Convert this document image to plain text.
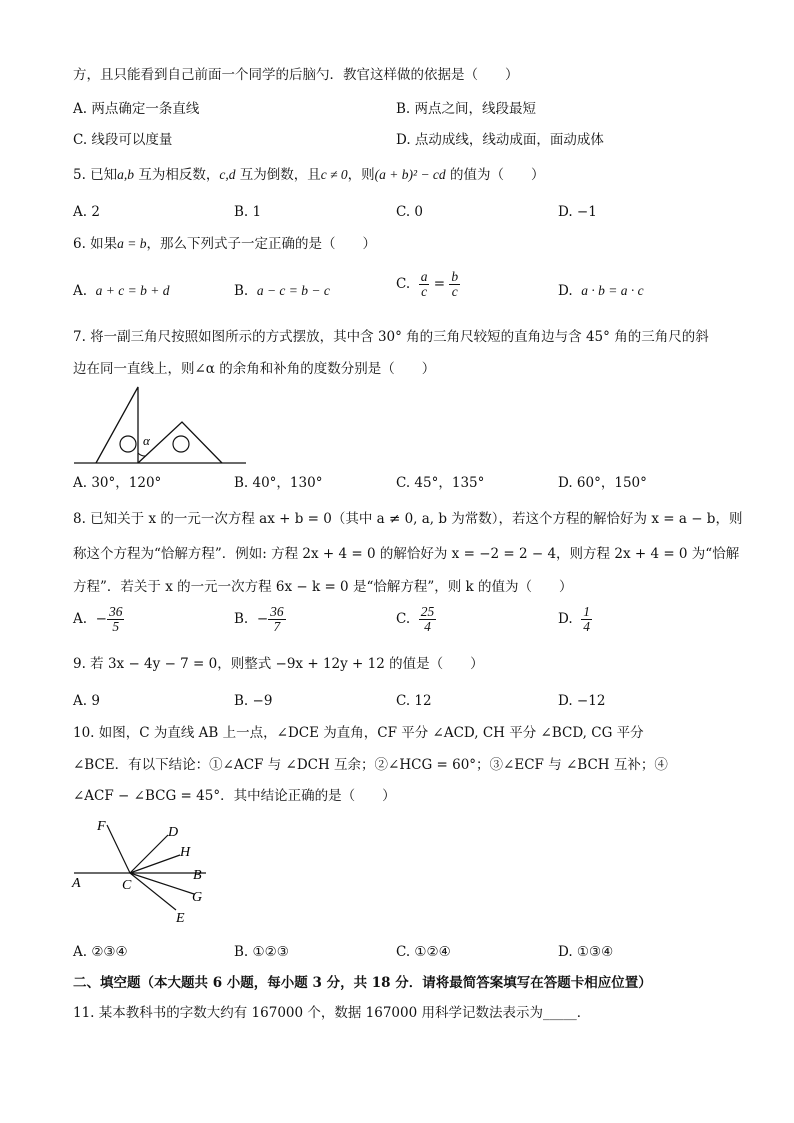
方，且只能看到自己前面一个同学的后脑勺．教官这样做的依据是（　　）
A. 两点确定一条直线	B. 两点之间，线段最短
C. 线段可以度量	D. 点动成线，线动成面，面动成体
5. 已知a,b 互为相反数，c,d 互为倒数，且c ≠ 0，则(a + b)² − cd 的值为（　　）
A. 2	B. 1	C. 0	D. −1
6. 如果a = b，那么下列式子一定正确的是（　　）
A. a + c = b + d	B. a − c = b − c	C. $\frac{a}{c} = \frac{b}{c}$	D. a · b = a · c
7. 将一副三角尺按照如图所示的方式摆放，其中含 30° 角的三角尺较短的直角边与含 45° 角的三角尺的斜
边在同一直线上，则∠α 的余角和补角的度数分别是（　　）
α
A. 30°，120°	B. 40°，130°	C. 45°，135°	D. 60°，150°
8. 已知关于 x 的一元一次方程 ax + b = 0（其中 a ≠ 0, a, b 为常数），若这个方程的解恰好为 x = a − b，则
称这个方程为“恰解方程”．例如: 方程 2x + 4 = 0 的解恰好为 x = −2 = 2 − 4，则方程 2x + 4 = 0 为“恰解
方程”．若关于 x 的一元一次方程 6x − k = 0 是“恰解方程”，则 k 的值为（　　）
A. − $\frac{36}{5}$	B. − $\frac{36}{7}$	C. $\frac{25}{4}$	D. $\frac{1}{4}$
9. 若 3x − 4y − 7 = 0，则整式 −9x + 12y + 12 的值是（　　）
A. 9	B. −9	C. 12	D. −12
10. 如图，C 为直线 AB 上一点，∠DCE 为直角，CF 平分 ∠ACD, CH 平分 ∠BCD, CG 平分
∠BCE．有以下结论：①∠ACF 与 ∠DCH 互余；②∠HCG = 60°；③∠ECF 与 ∠BCH 互补；④
∠ACF − ∠BCG = 45°．其中结论正确的是（　　）
F	D
H
A	C
B
G
E
A. ②③④	B. ①②③	C. ①②④	D. ①③④
二、填空题（本大题共 6 小题，每小题 3 分，共 18 分．请将最简答案填写在答题卡相应位置）
11. 某本教科书的字数大约有 167000 个，数据 167000 用科学记数法表示为_____．
